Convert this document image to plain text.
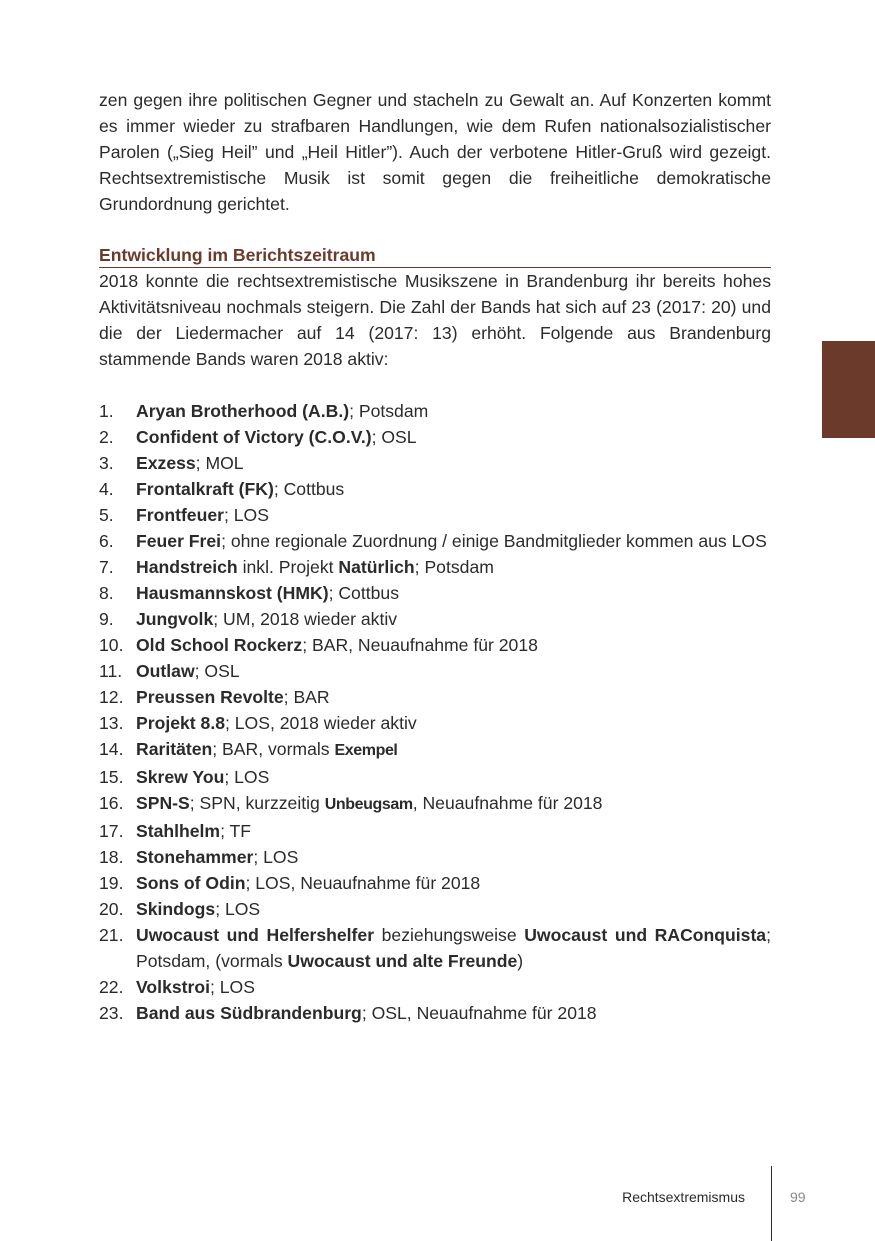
zen gegen ihre politischen Gegner und stacheln zu Gewalt an. Auf Konzerten kommt es immer wieder zu strafbaren Handlungen, wie dem Rufen nationalsozialistischer Parolen („Sieg Heil” und „Heil Hitler”). Auch der verbotene Hitler-Gruß wird gezeigt. Rechtsextremistische Musik ist somit gegen die freiheitliche demokratische Grundordnung gerichtet.

Entwicklung im Berichtszeitraum

2018 konnte die rechtsextremistische Musikszene in Brandenburg ihr bereits hohes Aktivitätsniveau nochmals steigern. Die Zahl der Bands hat sich auf 23 (2017: 20) und die der Liedermacher auf 14 (2017: 13) erhöht. Folgende aus Brandenburg stammende Bands waren 2018 aktiv:

1.	Aryan Brotherhood (A.B.); Potsdam
2.	Confident of Victory (C.O.V.); OSL
3.	Exzess; MOL
4.	Frontalkraft (FK); Cottbus
5.	Frontfeuer; LOS
6.	Feuer Frei; ohne regionale Zuordnung / einige Bandmitglieder kommen aus LOS
7.	Handstreich inkl. Projekt Natürlich; Potsdam
8.	Hausmannskost (HMK); Cottbus
9.	Jungvolk; UM, 2018 wieder aktiv
10. Old School Rockerz; BAR, Neuaufnahme für 2018
11. Outlaw; OSL
12. Preussen Revolte; BAR
13. Projekt 8.8; LOS, 2018 wieder aktiv
14. Raritäten; BAR, vormals Exempel
15. Skrew You; LOS
16. SPN-S; SPN, kurzzeitig Unbeugsam, Neuaufnahme für 2018
17. Stahlhelm; TF
18. Stonehammer; LOS
19. Sons of Odin; LOS, Neuaufnahme für 2018
20. Skindogs; LOS
21. Uwocaust und Helfershelfer beziehungsweise Uwocaust und RAConquista; Potsdam, (vormals Uwocaust und alte Freunde)
22. Volkstroi; LOS
23. Band aus Südbrandenburg; OSL, Neuaufnahme für 2018
Rechtsextremismus	99
